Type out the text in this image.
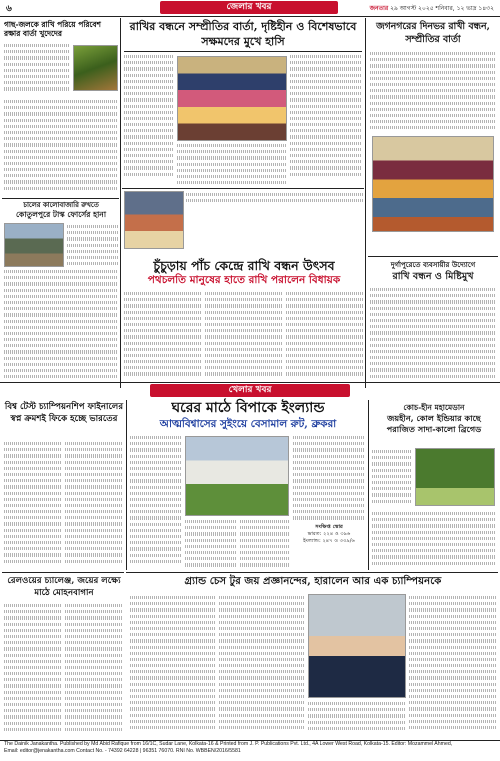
৬	জেলার খবর	জনতার ২৯ আগস্ট ২০২৫ শনিবার, ১২ ভাদ্র ১৪৩২
গাছ-জলকে রাখি পরিয়ে পরিবেশ রক্ষার বার্তা খুদেদের

রাখির বন্ধনে সম্প্রীতির বার্তা, দৃষ্টিহীন ও বিশেষভাবে সক্ষমদের মুখে হাসি

জগনগরের দিনভর রাখী বন্ধন, সম্প্রীতির বার্তা

চালের কালোবাজারি রুখতে
কোতুলপুরে টাস্ক ফোর্সের হানা

চুঁচুড়ায় পাঁচ কেন্দ্রে রাখি বন্ধন উৎসব
পথচলতি মানুষের হাতে রাখি পরালেন বিধায়ক

দুর্গাপুরেতে ব্যবসায়ীর উদ্যোগে
রাখি বন্ধন ও মিষ্টিমুখ

খেলার খবর
বিশ্ব টেস্ট চ্যাম্পিয়নশিপ ফাইনালের স্বপ্ন ক্রমশই ফিকে হচ্ছে ভারতের

ঘরের মাঠে বিপাকে ইংল্যান্ড
আত্মবিশ্বাসের সুইংয়ে বেসামাল রুট, ব্রুকরা

সংক্ষিপ্ত স্কোর
ভারত: ২২৪ ও ৩৯৬
ইংল্যান্ড: ২৪৭ ও ৩৩৯/৬
কোচ-হীন মহামেডান
জয়হীন, কোল ইন্ডিয়ার কাছে পরাজিত সাদা-কালো ব্রিগেড

রেলওয়ের চ্যালেঞ্জ, জয়ের লক্ষ্যে মাঠে মোহনবাগান

গ্র্যান্ড চেস টুর জয় প্রজ্ঞানন্দের, হারালেন আর এক চ্যাম্পিয়নকে

The Dainik Janakantha. Published by Md Abid Rafique from 16/1C, Sudar Lane, Kolkata-16 & Printed from J. P. Publications Pvt. Ltd., 4A Lower West Road, Kolkata-15. Editor: Mozammel Ahmed,
Email: editor@jenakantha.com Contact No. - 74392 64228 | 96351 76070. RNI No. WBBEN/2016/5581
